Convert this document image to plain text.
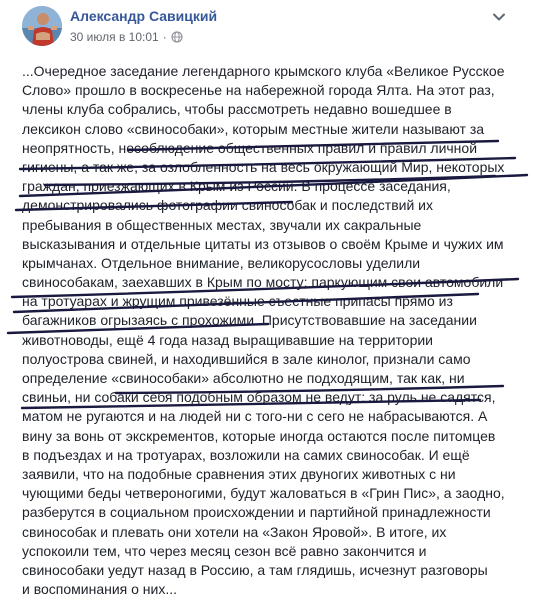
Александр Савицкий
30 июля в 10:01 ·
...Очередное заседание легендарного крымского клуба «Великое Русское
Слово» прошло в воскресенье на набережной города Ялта. На этот раз,
члены клуба собрались, чтобы рассмотреть недавно вошедшее в
лексикон слово «свинособаки», которым местные жители называют за
неопрятность, несоблюдение общественных правил и правил личной
гигиены, а так же, за озлобленность на весь окружающий Мир, некоторых
граждан, приезжающих в Крым из России. В процессе заседания,
демонстрировались фотографии свинособак и последствий их
пребывания в общественных местах, звучали их сакральные
высказывания и отдельные цитаты из отзывов о своём Крыме и чужих им
крымчанах. Отдельное внимание, великорусословы уделили
свинособакам, заехавших в Крым по мосту; паркующим свои автомобили
на тротуарах и жрущим привезённые съестные припасы прямо из
багажников огрызаясь с прохожими. Присутствовавшие на заседании
животноводы, ещё 4 года назад выращивавшие на территории
полуострова свиней, и находившийся в зале кинолог, признали само
определение «свинособаки» абсолютно не подходящим, так как, ни
свиньи, ни собаки себя подобным образом не ведут: за руль не садятся,
матом не ругаются и на людей ни с того-ни с сего не набрасываются. А
вину за вонь от экскрементов, которые иногда остаются после питомцев
в подъездах и на тротуарах, возложили на самих свинособак. И ещё
заявили, что на подобные сравнения этих двуногих животных с ни
чующими беды четвероногими, будут жаловаться в «Грин Пис», а заодно,
разберутся в социальном происхождении и партийной принадлежности
свинособак и плевать они хотели на «Закон Яровой». В итоге, их
успокоили тем, что через месяц сезон всё равно закончится и
свинособаки уедут назад в Россию, а там глядишь, исчезнут разговоры
и воспоминания о них...
